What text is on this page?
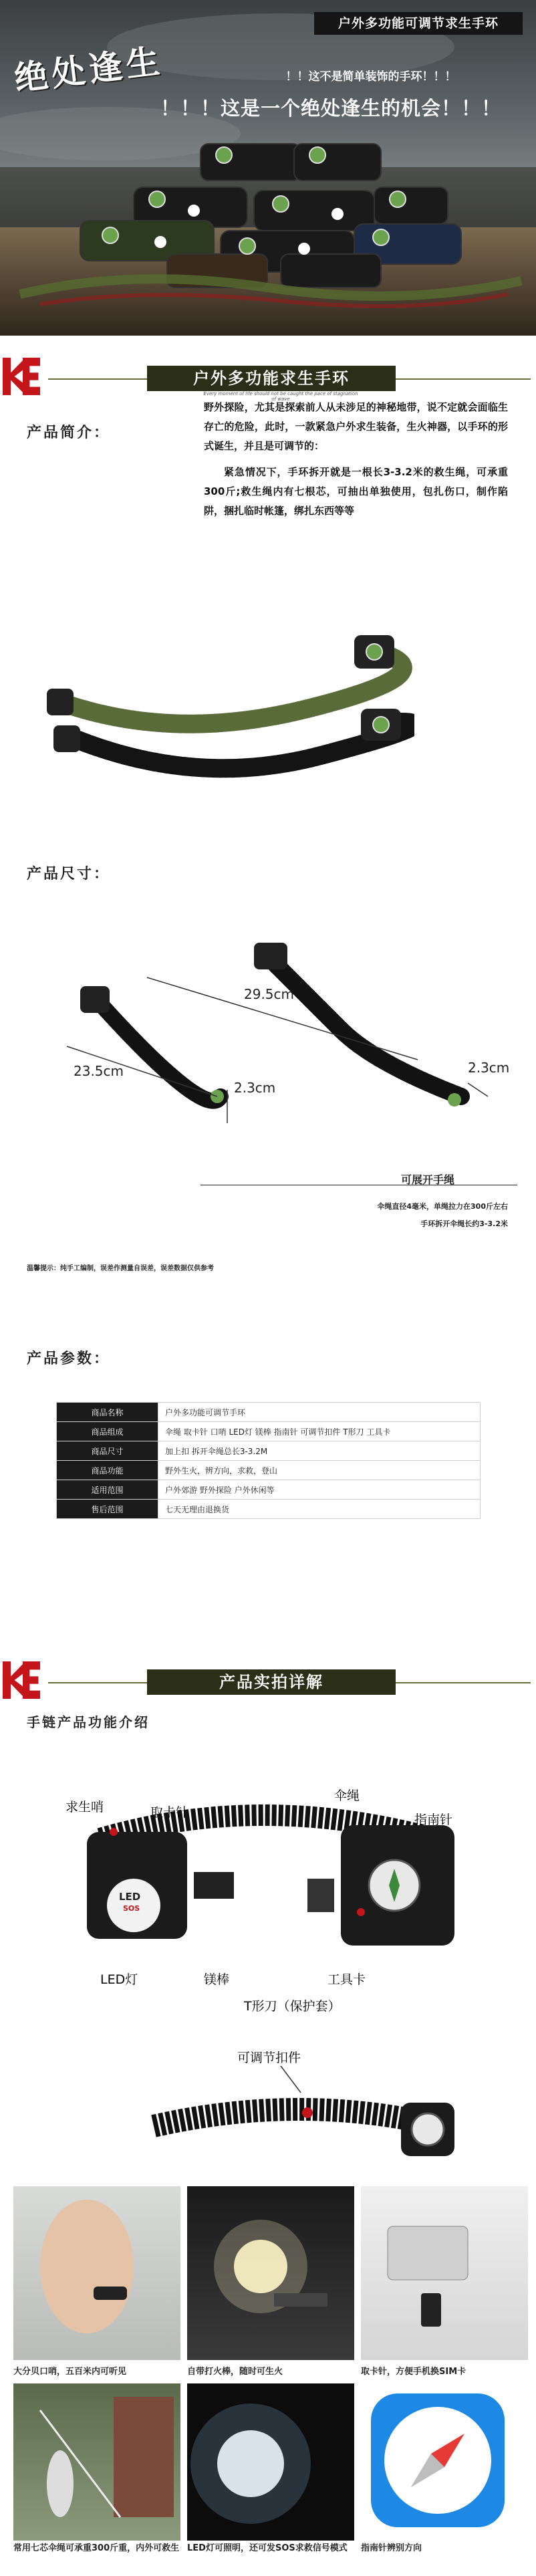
户外多功能可调节求生手环
绝处逢生	！！这不是简单装饰的手环！！！
！！！这是一个绝处逢生的机会！！！
户外多功能求生手环
Every moment of life should not be caught the pace of stagnation of wave
产品简介：

野外探险，尤其是探索前人从未涉足的神秘地带，说不定就会面临生存亡的危险，此时，一款紧急户外求生装备，生火神器，以手环的形式诞生，并且是可调节的：

紧急情况下，手环拆开就是一根长3-3.2米的救生绳，可承重300斤;救生绳内有七根芯，可抽出单独使用，包扎伤口，制作陷阱，捆扎临时帐篷，绑扎东西等等

产品尺寸：
29.5cm
23.5cm
2.3cm
2.3cm
可展开手绳
伞绳直径4毫米，单绳拉力在300斤左右
手环拆开伞绳长约3-3.2米
温馨提示：纯手工编制，误差作测量自误差，误差数据仅供参考
产品参数：
商品名称	户外多功能可调节手环
商品组成	伞绳 取卡针 口哨 LED灯 镁棒 指南针 可调节扣件 T形刀 工具卡
商品尺寸	加上扣 拆开伞绳总长3-3.2M
商品功能	野外生火，辨方向，求救，登山
适用范围	户外郊游 野外探险 户外休闲等
售后范围	七天无理由退换货
产品实拍详解
手链产品功能介绍
LED
SOS
求生哨	取卡针
伞绳
指南针
LED灯	镁棒	工具卡
T形刀（保护套）
可调节扣件
大分贝口哨，五百米内可听见	自带打火棒，随时可生火	取卡针，方便手机换SIM卡
常用七芯伞绳可承重300斤重，内外可救生 LED灯可照明，还可发SOS求救信号模式	指南针辨别方向
